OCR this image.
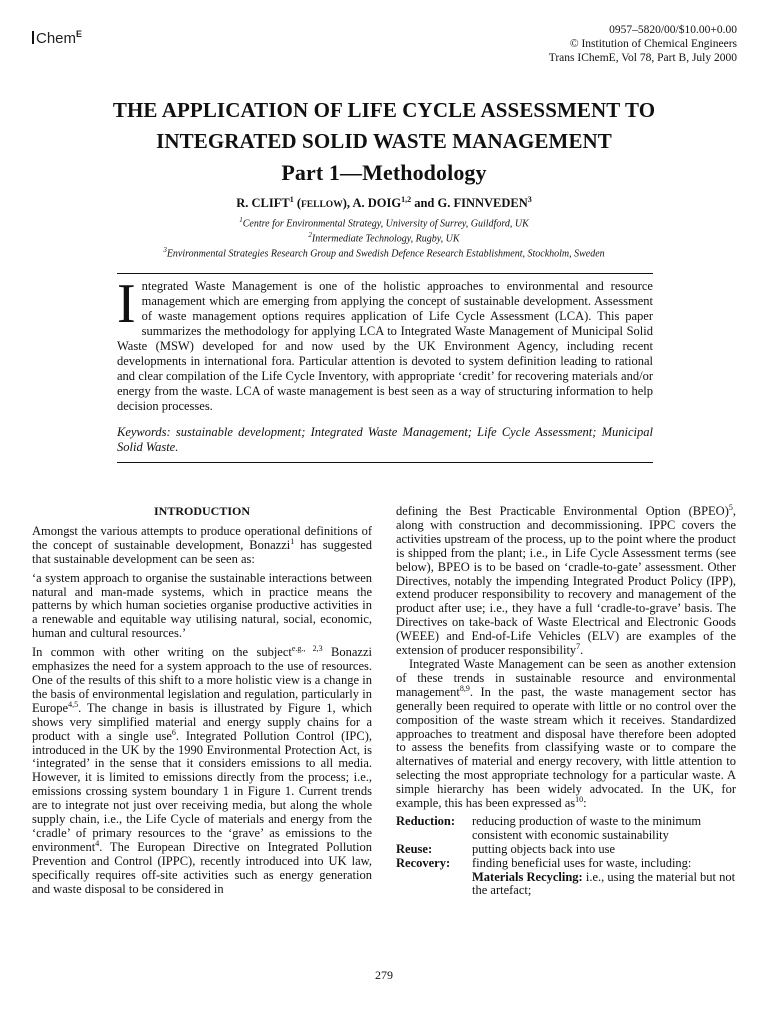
Chem$^E$	0957–5820/00/$10.00+0.00
© Institution of Chemical Engineers
Trans IChemE, Vol 78, Part B, July 2000
THE APPLICATION OF LIFE CYCLE ASSESSMENT TO
INTEGRATED SOLID WASTE MANAGEMENT
Part 1—Methodology
R. CLIFT$^1$ (FELLOW), A. DOIG$^{1,2}$ and G. FINNVEDEN$^3$
$^1$Centre for Environmental Strategy, University of Surrey, Guildford, UK
$^2$Intermediate Technology, Rugby, UK
$^3$Environmental Strategies Research Group and Swedish Defence Research Establishment, Stockholm, Sweden

Integrated Waste Management is one of the holistic approaches to environmental and resource management which are emerging from applying the concept of sustainable development. Assessment of waste management options requires application of Life Cycle Assessment (LCA). This paper summarizes the methodology for applying LCA to Integrated Waste Management of Municipal Solid Waste (MSW) developed for and now used by the UK Environment Agency, including recent developments in international fora. Particular attention is devoted to system definition leading to rational and clear compilation of the Life Cycle Inventory, with appropriate ‘credit’ for recovering materials and/or energy from the waste. LCA of waste management is best seen as a way of structuring information to help decision processes.

Keywords: sustainable development; Integrated Waste Management; Life Cycle Assessment; Municipal Solid Waste.

INTRODUCTION

Amongst the various attempts to produce operational definitions of the concept of sustainable development, Bonazzi$^1$ has suggested that sustainable development can be seen as:

‘a system approach to organise the sustainable interactions between natural and man-made systems, which in practice means the patterns by which human societies organise productive activities in a renewable and equitable way utilising natural, social, economic, human and cultural resources.’

In common with other writing on the subject$^{e.g., 2,3}$ Bonazzi emphasizes the need for a system approach to the use of resources. One of the results of this shift to a more holistic view is a change in the basis of environmental legislation and regulation, particularly in Europe$^{4,5}$. The change in basis is illustrated by Figure 1, which shows very simplified material and energy supply chains for a product with a single use$^6$. Integrated Pollution Control (IPC), introduced in the UK by the 1990 Environmental Protection Act, is ‘integrated’ in the sense that it considers emissions to all media. However, it is limited to emissions directly from the process; i.e., emissions crossing system boundary 1 in Figure 1. Current trends are to integrate not just over receiving media, but along the whole supply chain, i.e., the Life Cycle of materials and energy from the ‘cradle’ of primary resources to the ‘grave’ as emissions to the environment$^4$. The European Directive on Integrated Pollution Prevention and Control (IPPC), recently introduced into UK law, specifically requires off-site activities such as energy generation and waste disposal to be considered in

defining the Best Practicable Environmental Option (BPEO)$^5$, along with construction and decommissioning. IPPC covers the activities upstream of the process, up to the point where the product is shipped from the plant; i.e., in Life Cycle Assessment terms (see below), BPEO is to be based on ‘cradle-to-gate’ assessment. Other Directives, notably the impending Integrated Product Policy (IPP), extend producer responsibility to recovery and management of the product after use; i.e., they have a full ‘cradle-to-grave’ basis. The Directives on take-back of Waste Electrical and Electronic Goods (WEEE) and End-of-Life Vehicles (ELV) are examples of the extension of producer responsibility$^7$.

Integrated Waste Management can be seen as another extension of these trends in sustainable resource and environmental management$^{8,9}$. In the past, the waste management sector has generally been required to operate with little or no control over the composition of the waste stream which it receives. Standardized approaches to treatment and disposal have therefore been adopted to assess the benefits from classifying waste or to compare the alternatives of material and energy recovery, with little attention to selecting the most appropriate technology for a particular waste. A simple hierarchy has been widely advocated. In the UK, for example, this has been expressed $as^{10}$:

Reduction:	reducing production of waste to the minimum consistent with economic sustainability
Reuse:	putting objects back into use
Recovery:	finding beneficial uses for waste, including:
Materials Recycling: i.e., using the material but not the artefact;
279
